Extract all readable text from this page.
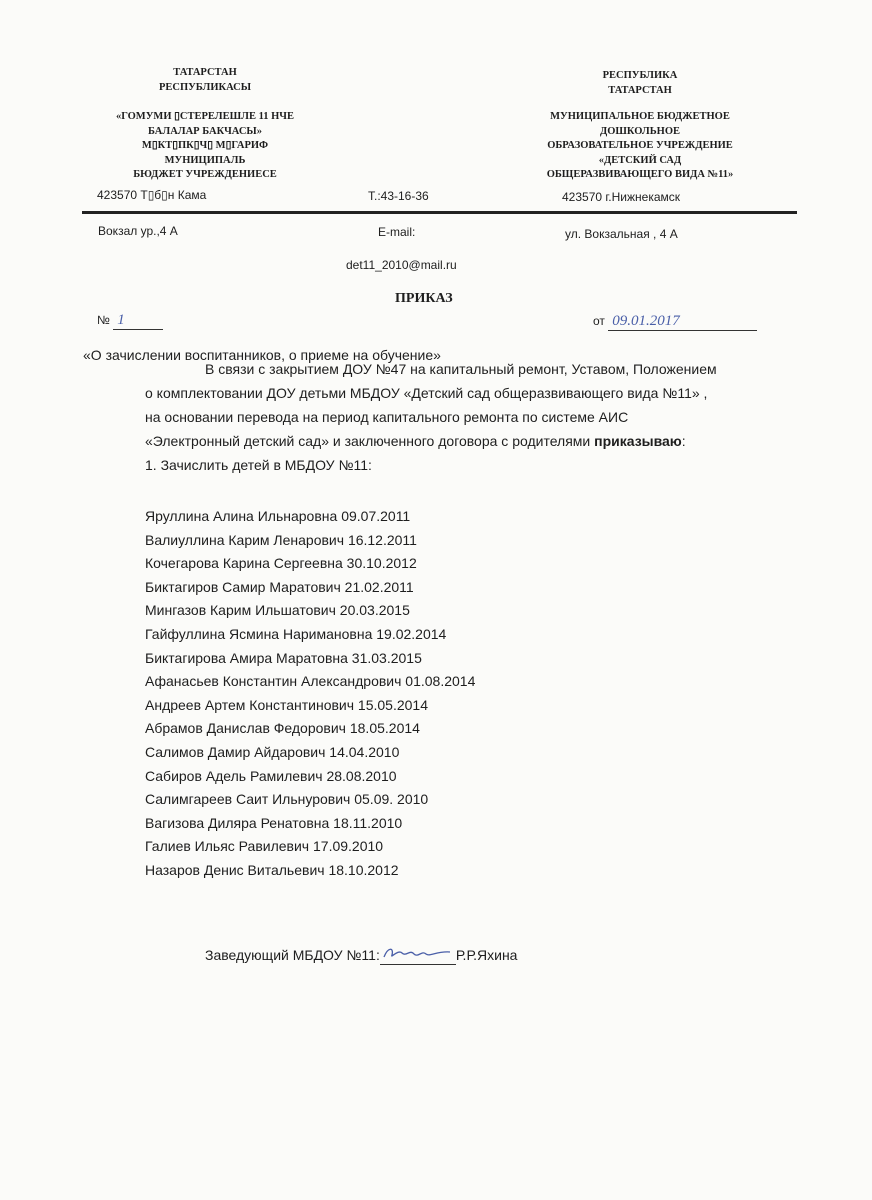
ТАТАРСТАН
РЕСПУБЛИКАСЫ
«ГОМУМИ ▯СТЕРЕЛЕШЛЕ 11 НЧЕ
БАЛАЛАР БАКЧАСЫ»
М▯КТ▯ПК▯Ч▯ М▯ГАРИФ
МУНИЦИПАЛЬ
БЮДЖЕТ УЧРЕЖДЕНИЕСЕ
РЕСПУБЛИКА
ТАТАРСТАН
МУНИЦИПАЛЬНОЕ БЮДЖЕТНОЕ
ДОШКОЛЬНОЕ
ОБРАЗОВАТЕЛЬНОЕ УЧРЕЖДЕНИЕ
«ДЕТСКИЙ САД
ОБЩЕРАЗВИВАЮЩЕГО ВИДА №11»
423570 Т▯б▯н Кама	Т.:43-16-36	423570 г.Нижнекамск
Вокзал ур.,4 А	E-mail:	ул. Вокзальная , 4 А
det11_2010@mail.ru
ПРИКАЗ
№ 1	от 09.01.2017
«О зачислении воспитанников, о приеме на обучение»
В связи с закрытием ДОУ №47 на капитальный ремонт, Уставом, Положением
о комплектовании ДОУ детьми МБДОУ «Детский сад общеразвивающего вида №11» ,
на основании перевода на период капитального ремонта по системе АИС
«Электронный детский сад» и заключенного договора с родителями приказываю:
1. Зачислить детей в МБДОУ №11:
Яруллина Алина Ильнаровна 09.07.2011
Валиуллина Карим Ленарович 16.12.2011
Кочегарова Карина Сергеевна 30.10.2012
Биктагиров Самир Маратович 21.02.2011
Мингазов Карим Ильшатович 20.03.2015
Гайфуллина Ясмина Наримановна 19.02.2014
Биктагирова Амира Маратовна 31.03.2015
Афанасьев Константин Александрович 01.08.2014
Андреев Артем Константинович 15.05.2014
Абрамов Данислав Федорович 18.05.2014
Салимов Дамир Айдарович 14.04.2010
Сабиров Адель Рамилевич 28.08.2010
Салимгареев Саит Ильнурович 05.09. 2010
Вагизова Диляра Ренатовна 18.11.2010
Галиев Ильяс Равилевич 17.09.2010
Назаров Денис Витальевич 18.10.2012
Заведующий МБДОУ №11:	Р.Р.Яхина
